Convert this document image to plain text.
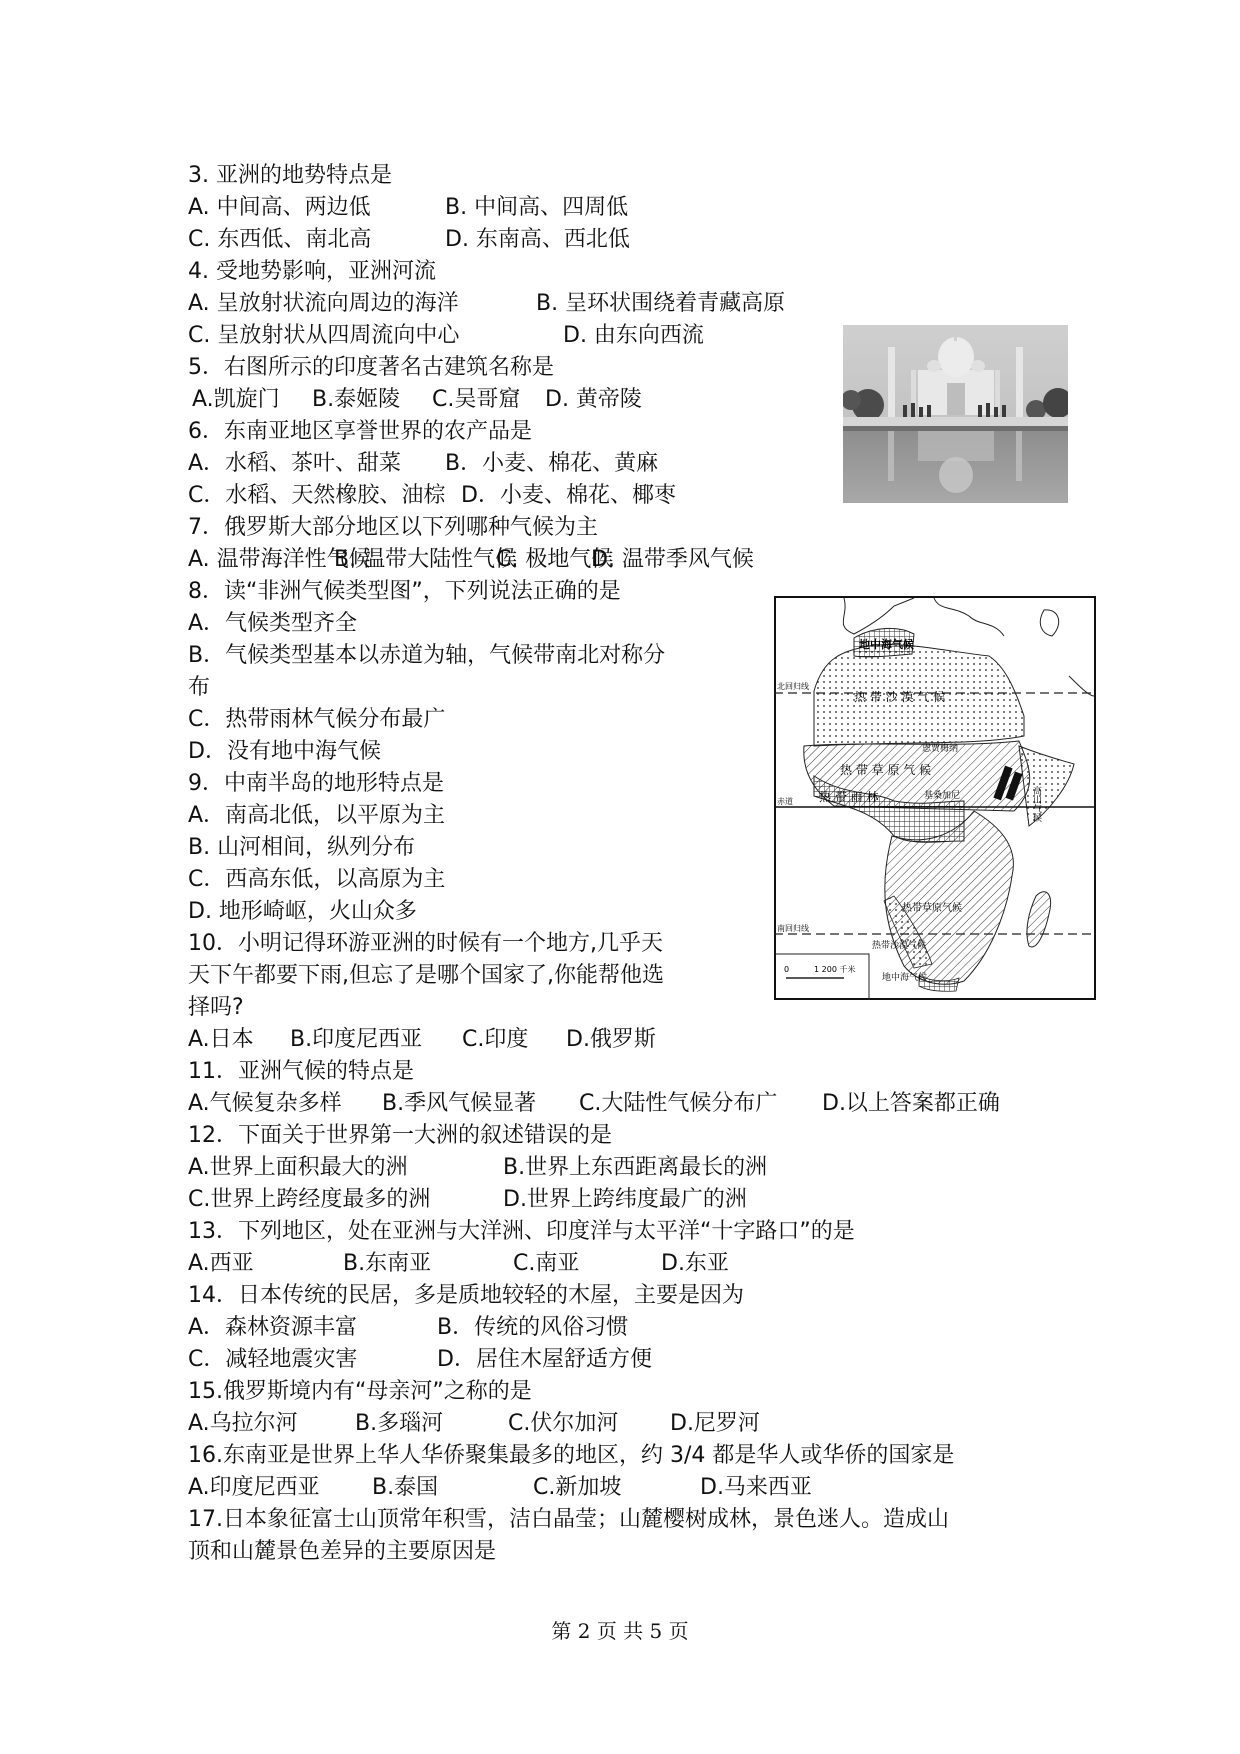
3. 亚洲的地势特点是
A. 中间高、两边低	B. 中间高、四周低
C. 东西低、南北高	D. 东南高、西北低
4. 受地势影响，亚洲河流
A. 呈放射状流向周边的海洋	B. 呈环状围绕着青藏高原
C. 呈放射状从四周流向中心	D. 由东向西流
5．右图所示的印度著名古建筑名称是
A.凯旋门 B.泰姬陵 C.吴哥窟 D. 黄帝陵
6．东南亚地区享誉世界的农产品是
A．水稻、茶叶、甜菜 B．小麦、棉花、黄麻
C．水稻、天然橡胶、油棕 D．小麦、棉花、椰枣
7．俄罗斯大部分地区以下列哪种气候为主
A. 温带海洋性气候
B. 温带大陆性气候
C. 极地气候
D. 温带季风气候
8．读“非洲气候类型图”，下列说法正确的是
A．气候类型齐全
B．气候类型基本以赤道为轴，气候带南北对称分
布
C．热带雨林气候分布最广
D．没有地中海气候
9．中南半岛的地形特点是
A．南高北低，以平原为主
B. 山河相间，纵列分布
C．西高东低，以高原为主
D. 地形崎岖，火山众多
10．小明记得环游亚洲的时候有一个地方,几乎天
天下午都要下雨,但忘了是哪个国家了,你能帮他选
择吗?
A.日本 B.印度尼西亚 C.印度 D.俄罗斯
11．亚洲气候的特点是
A.气候复杂多样 B.季风气候显著 C.大陆性气候分布广 D.以上答案都正确
12．下面关于世界第一大洲的叙述错误的是
A.世界上面积最大的洲	B.世界上东西距离最长的洲
C.世界上跨经度最多的洲	D.世界上跨纬度最广的洲
13．下列地区，处在亚洲与大洋洲、印度洋与太平洋“十字路口”的是
A.西亚	B.东南亚	C.南亚	D.东亚
14．日本传统的民居，多是质地较轻的木屋，主要是因为
A．森林资源丰富	B．传统的风俗习惯
C．减轻地震灾害	D．居住木屋舒适方便
15.俄罗斯境内有“母亲河”之称的是
A.乌拉尔河	B.多瑙河	C.伏尔加河 D.尼罗河
16.东南亚是世界上华人华侨聚集最多的地区，约 3/4 都是华人或华侨的国家是
A.印度尼西亚 B.泰国	C.新加坡	D.马来西亚
17.日本象征富士山顶常年积雪，洁白晶莹；山麓樱树成林，景色迷人。造成山
顶和山麓景色差异的主要原因是
北回归线
赤道
南回归线
地中海气候
热 带 沙 漠 气 候
恩贾梅纳
热 带 草 原 气 候
热 带 雨 林	基桑加尼	高山气候
热带草原气候
热带沙漠气候
地中海气候
0	1 200 千米
第 2 页 共 5 页
